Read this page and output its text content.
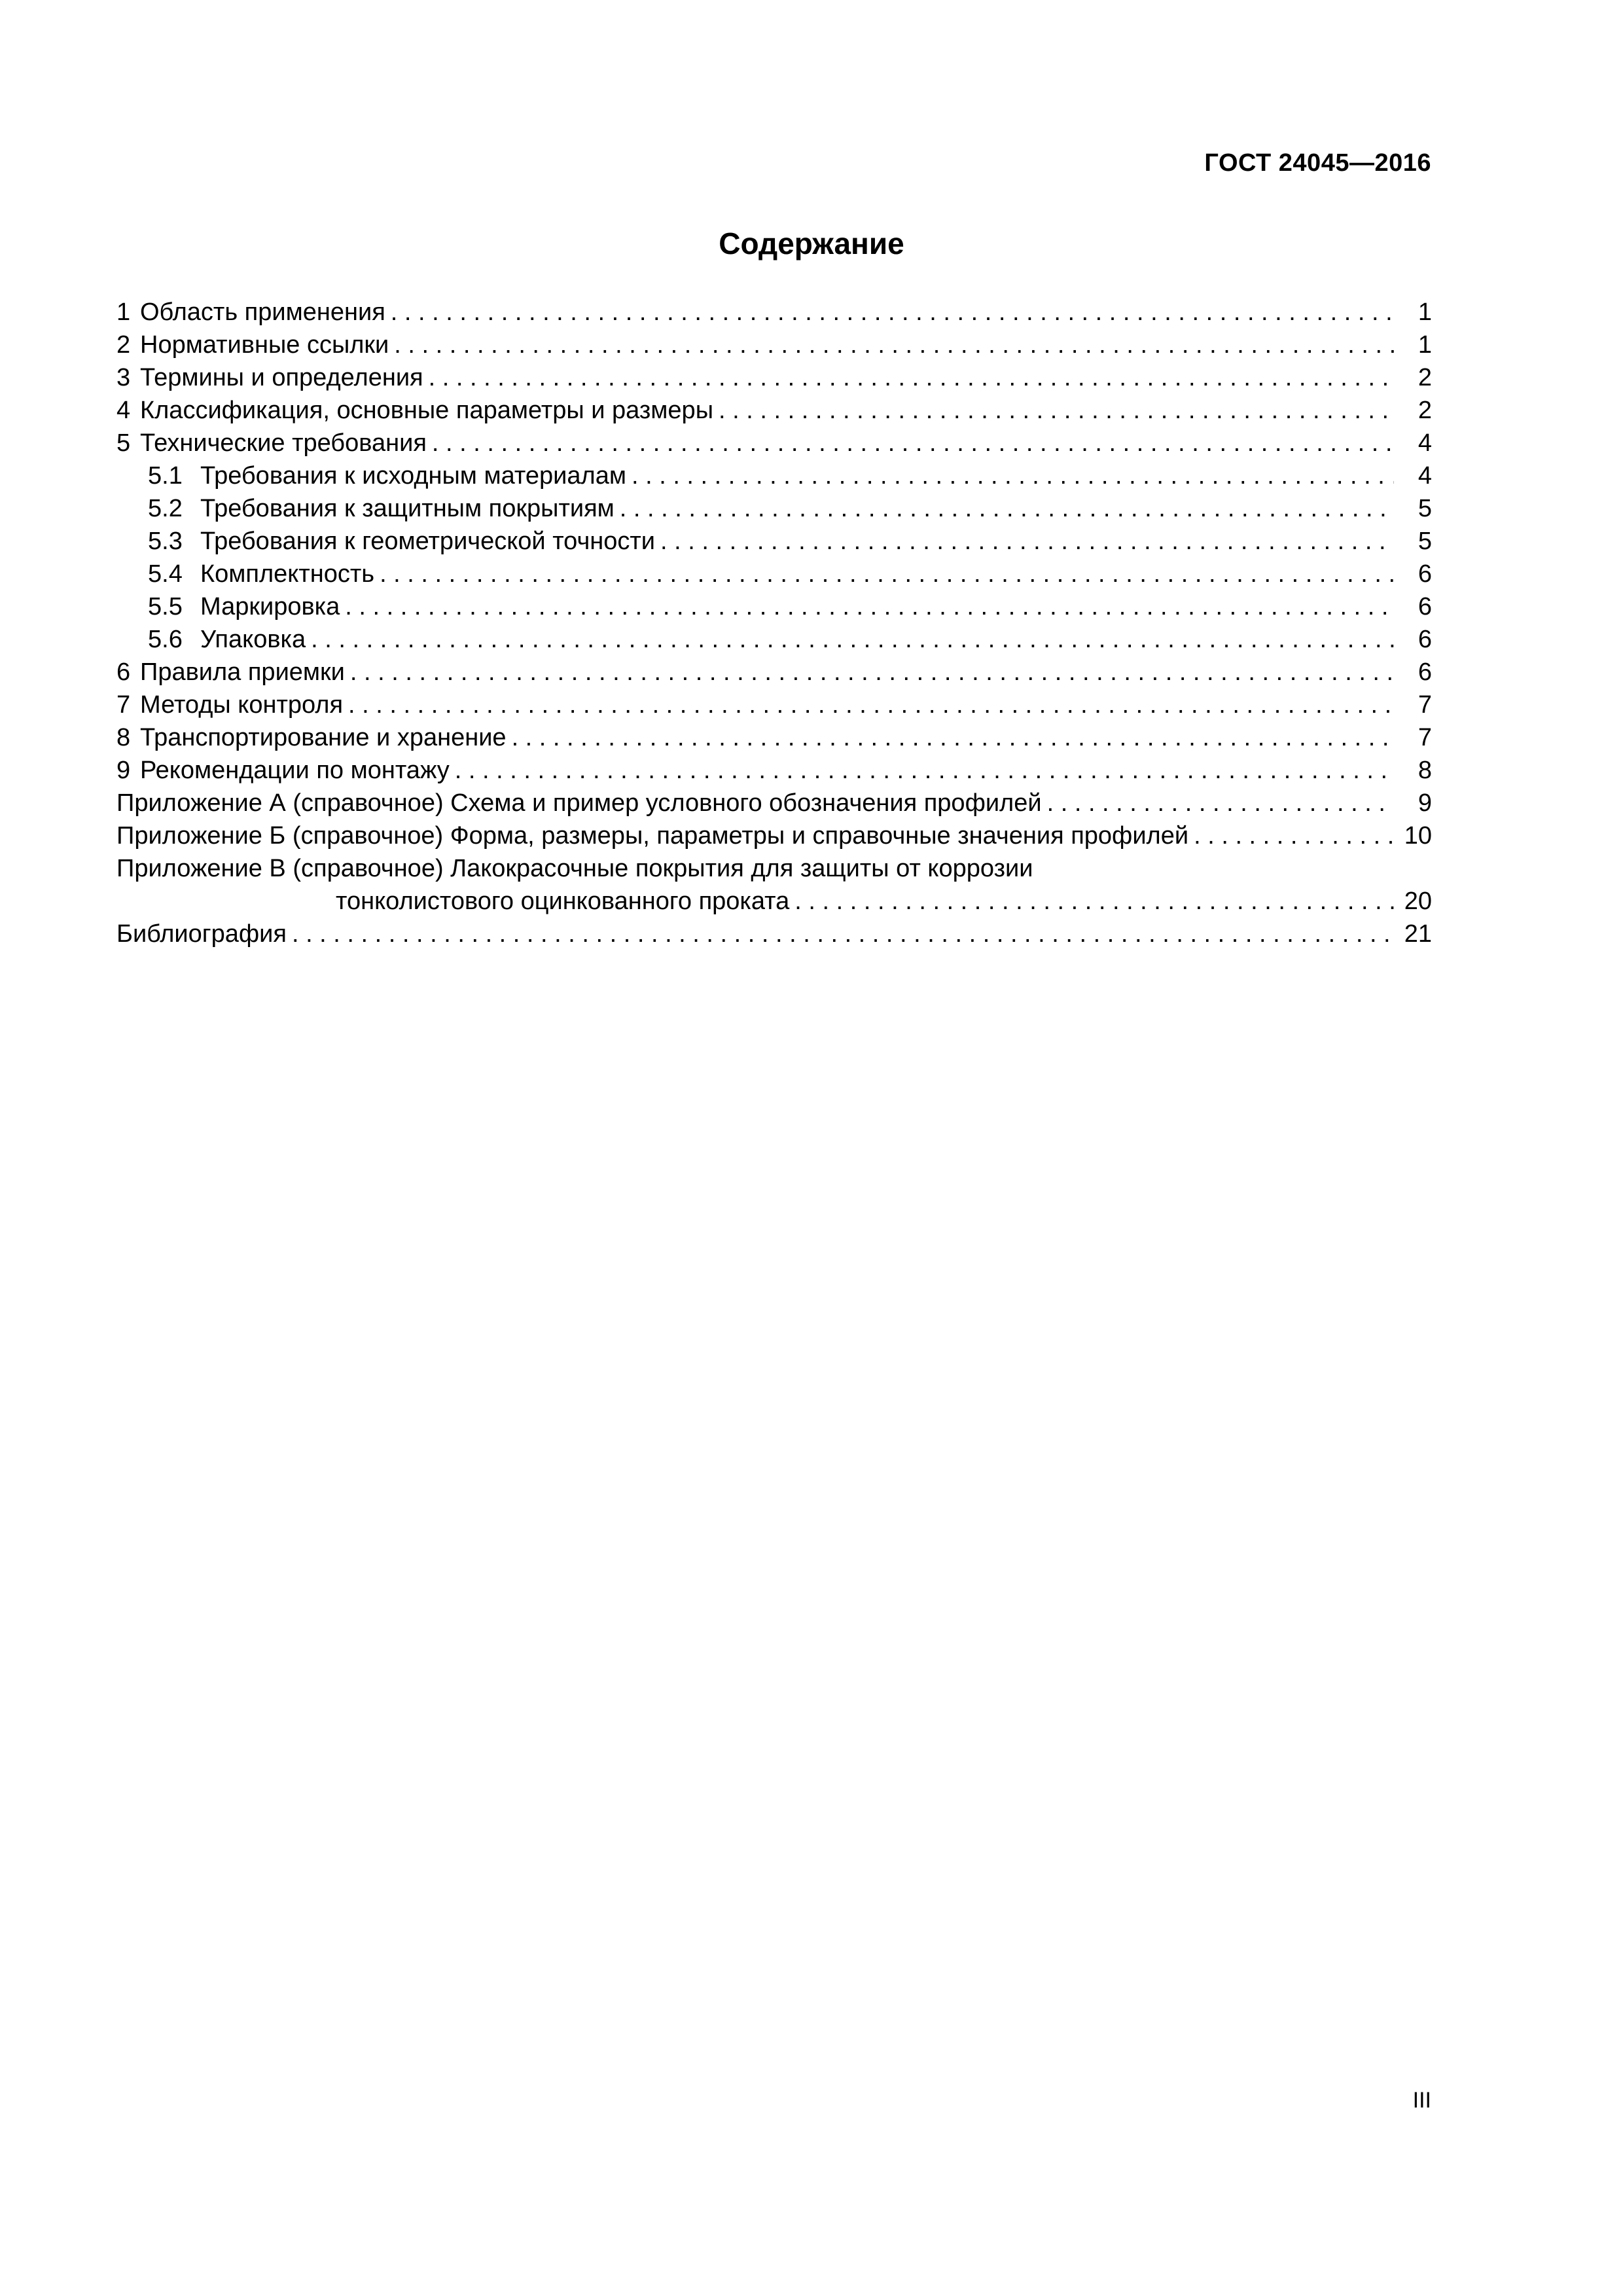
ГОСТ 24045—2016
Содержание
1 Область применения . . .	1
2 Нормативные ссылки . . .	1
3 Термины и определения . . .	2
4 Классификация, основные параметры и размеры . . .	2
5 Технические требования . . .	4
5.1 Требования к исходным материалам . . .	4
5.2 Требования к защитным покрытиям . . .	5
5.3 Требования к геометрической точности . . .	5
5.4 Комплектность . . .	6
5.5 Маркировка . . .	6
5.6 Упаковка . . .	6
6 Правила приемки . . .	6
7 Методы контроля . . .	7
8 Транспортирование и хранение . . .	7
9 Рекомендации по монтажу . . .	8
Приложение А (справочное) Схема и пример условного обозначения профилей . . .	9
Приложение Б (справочное) Форма, размеры, параметры и справочные значения профилей . . .	10
Приложение В (справочное) Лакокрасочные покрытия для защиты от коррозии
тонколистового оцинкованного проката . . .	20
Библиография . . .	21
III
